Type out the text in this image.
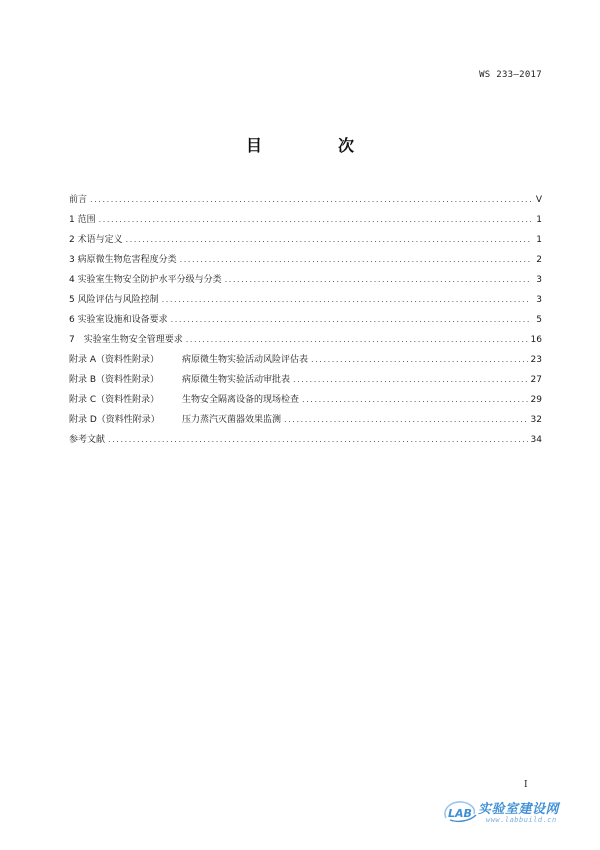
WS 233—2017
目　次
前言 .....	V
1 范围 .....	1
2 术语与定义 .....	1
3 病原微生物危害程度分类 .....	2
4 实验室生物安全防护水平分级与分类 .....	3
5 风险评估与风险控制 .....	3
6 实验室设施和设备要求 .....	5
7　实验室生物安全管理要求 .....	16
附录 A（资料性附录）	病原微生物实验活动风险评估表 .....	23
附录 B（资料性附录）	病原微生物实验活动审批表 .....	27
附录 C（资料性附录）	生物安全隔离设备的现场检查 .....	29
附录 D（资料性附录） 压力蒸汽灭菌器效果监测 .....	32
参考文献 .....	34
I
LAB 实验室建设网
www.labbuild.cn
